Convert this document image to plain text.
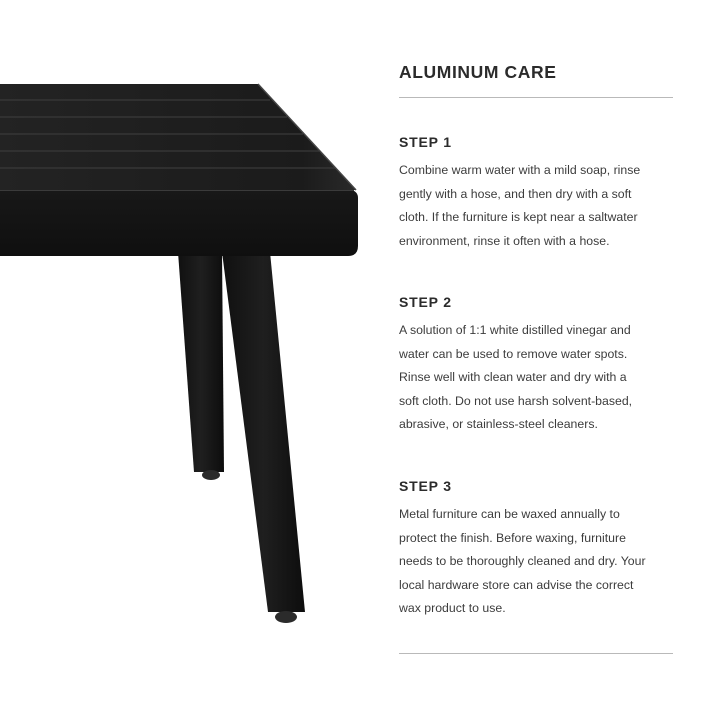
ALUMINUM CARE
STEP 1

Combine warm water with a mild soap, rinse
gently with a hose, and then dry with a soft
cloth. If the furniture is kept near a saltwater
environment, rinse it often with a hose.

STEP 2

A solution of 1:1 white distilled vinegar and
water can be used to remove water spots.
Rinse well with clean water and dry with a
soft cloth. Do not use harsh solvent-based,
abrasive, or stainless-steel cleaners.

STEP 3

Metal furniture can be waxed annually to
protect the finish. Before waxing, furniture
needs to be thoroughly cleaned and dry. Your
local hardware store can advise the correct
wax product to use.
